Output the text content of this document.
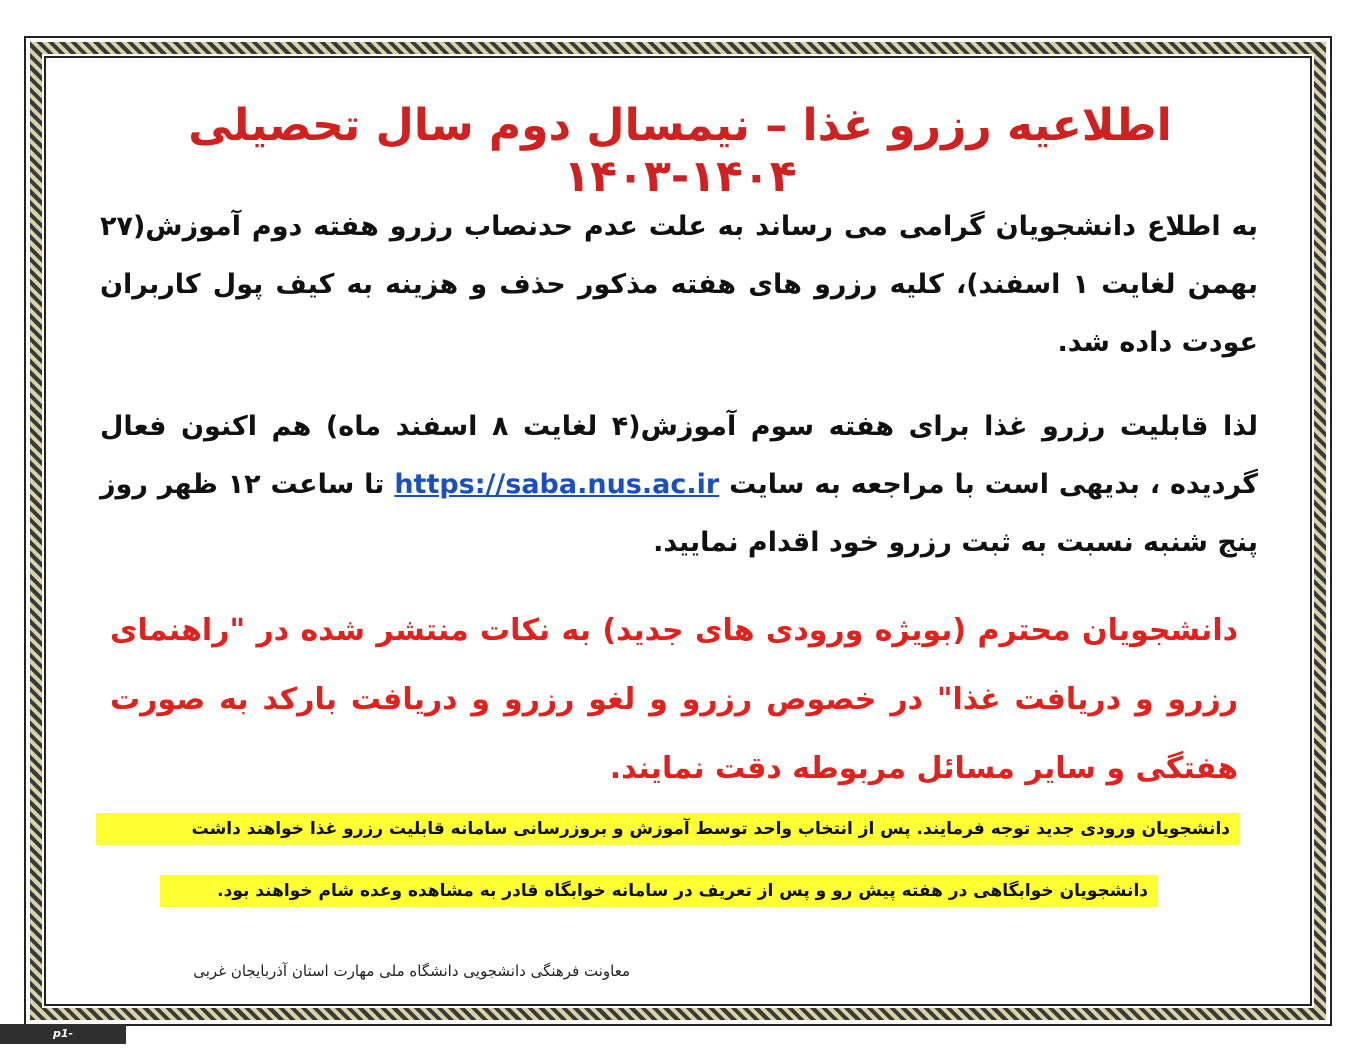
اطلاعیه رزرو غذا – نیمسال دوم سال تحصیلی ۱۴۰۴-۱۴۰۳
به اطلاع دانشجویان گرامی می رساند به علت عدم حدنصاب رزرو هفته دوم آموزش(۲۷ بهمن لغایت ۱ اسفند)، کلیه رزرو های هفته مذکور حذف و هزینه به کیف پول کاربران عودت داده شد.
لذا قابلیت رزرو غذا برای هفته سوم آموزش(۴ لغایت ۸ اسفند ماه) هم اکنون فعال گردیده ، بدیهی است با مراجعه به سایت https://saba.nus.ac.ir تا ساعت ۱۲ ظهر روز پنج شنبه نسبت به ثبت رزرو خود اقدام نمایید.
دانشجویان محترم (بویژه ورودی های جدید) به نکات منتشر شده در "راهنمای رزرو و دریافت غذا" در خصوص رزرو و لغو رزرو و دریافت بارکد به صورت هفتگی و سایر مسائل مربوطه دقت نمایند.
دانشجویان ورودی جدید توجه فرمایند. پس از انتخاب واحد توسط آموزش و بروزرسانی سامانه قابلیت رزرو غذا خواهند داشت
دانشجویان خوابگاهی در هفته پیش رو و پس از تعریف در سامانه خوابگاه قادر به مشاهده وعده شام خواهند بود.
معاونت فرهنگی دانشجویی دانشگاه ملی مهارت استان آذربایجان غربی
p1-orumiyeh.nus.ac.ir
